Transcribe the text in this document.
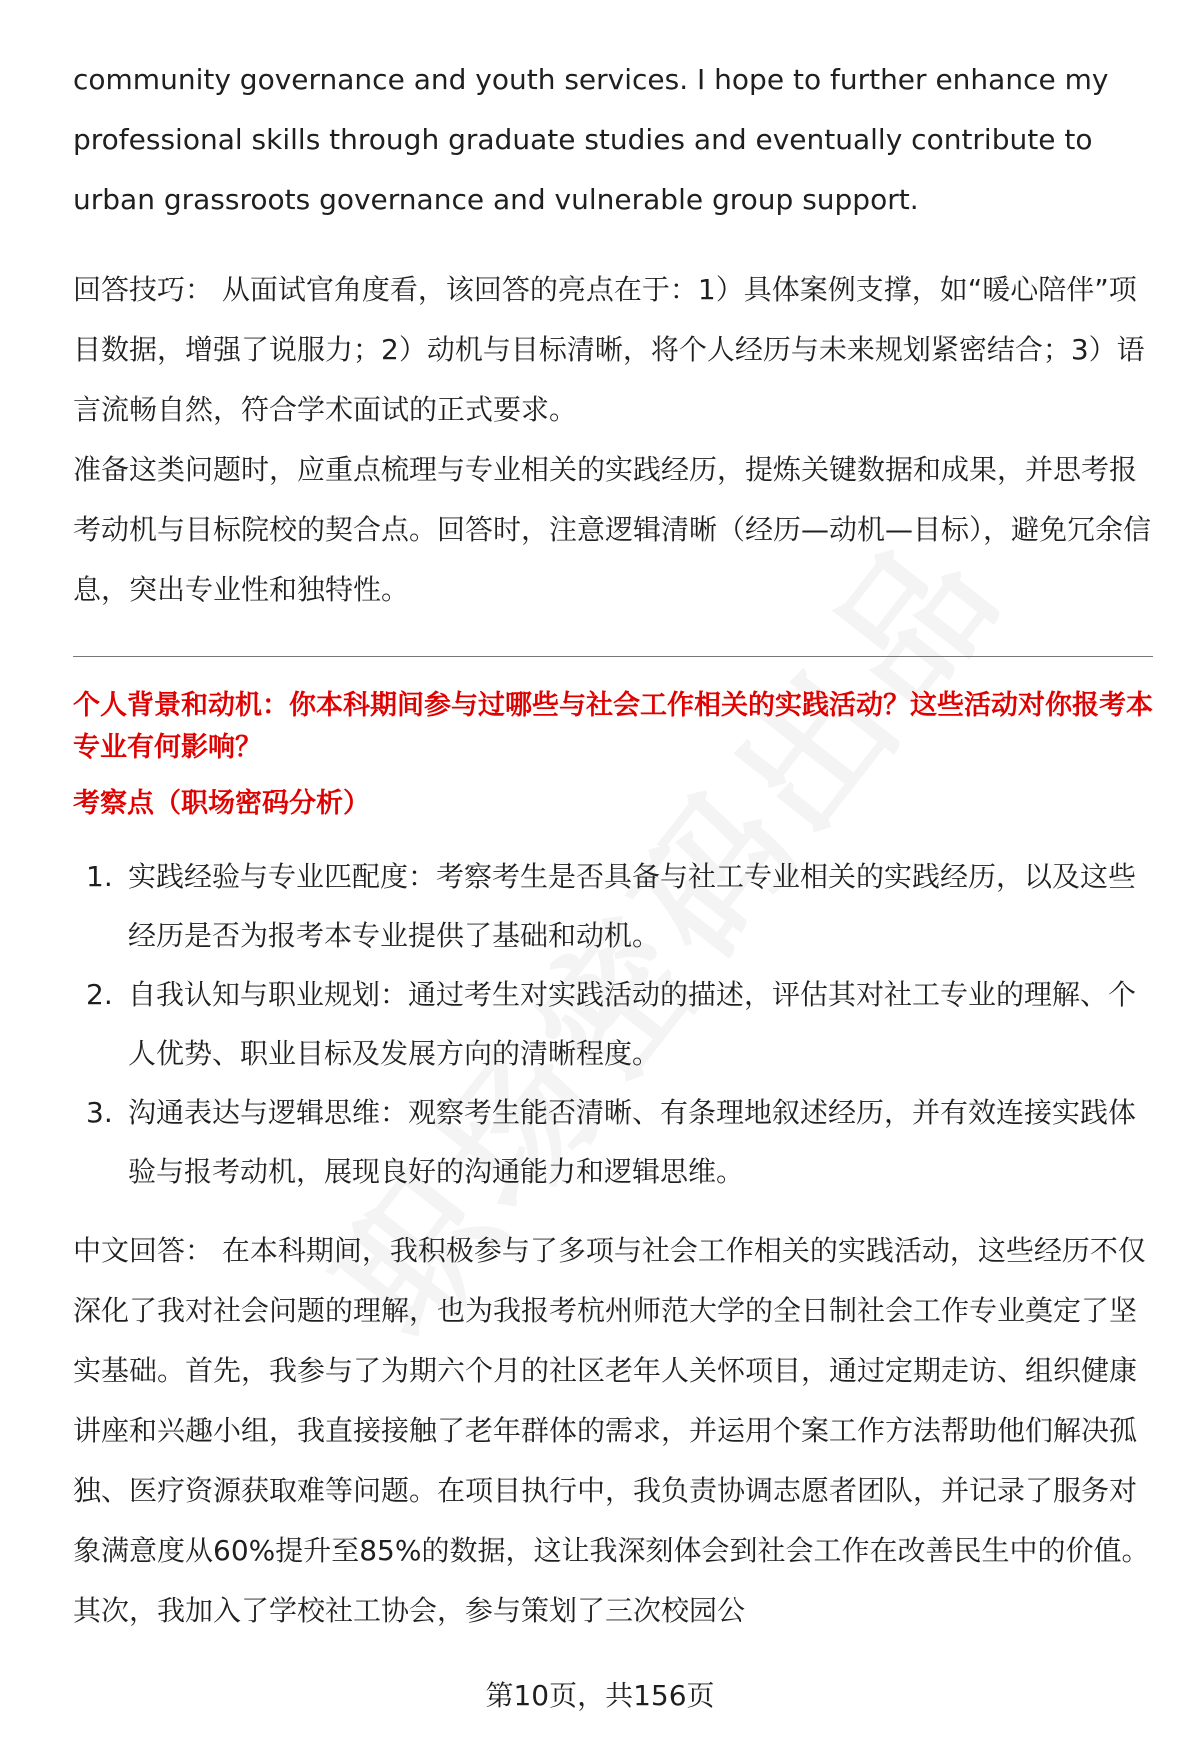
community governance and youth services. I hope to further enhance my professional skills through graduate studies and eventually contribute to urban grassroots governance and vulnerable group support.

回答技巧： 从面试官角度看，该回答的亮点在于：1）具体案例支撑，如“暖心陪伴”项目数据，增强了说服力；2）动机与目标清晰，将个人经历与未来规划紧密结合；3）语言流畅自然，符合学术面试的正式要求。

准备这类问题时，应重点梳理与专业相关的实践经历，提炼关键数据和成果，并思考报考动机与目标院校的契合点。回答时，注意逻辑清晰（经历—动机—目标），避免冗余信息，突出专业性和独特性。

个人背景和动机：你本科期间参与过哪些与社会工作相关的实践活动？这些活动对你报考本专业有何影响？
考察点（职场密码分析）
1. 实践经验与专业匹配度：考察考生是否具备与社工专业相关的实践经历，以及这些经历是否为报考本专业提供了基础和动机。
2. 自我认知与职业规划：通过考生对实践活动的描述，评估其对社工专业的理解、个人优势、职业目标及发展方向的清晰程度。
3. 沟通表达与逻辑思维：观察考生能否清晰、有条理地叙述经历，并有效连接实践体验与报考动机，展现良好的沟通能力和逻辑思维。

中文回答： 在本科期间，我积极参与了多项与社会工作相关的实践活动，这些经历不仅深化了我对社会问题的理解，也为我报考杭州师范大学的全日制社会工作专业奠定了坚实基础。首先，我参与了为期六个月的社区老年人关怀项目，通过定期走访、组织健康讲座和兴趣小组，我直接接触了老年群体的需求，并运用个案工作方法帮助他们解决孤独、医疗资源获取难等问题。在项目执行中，我负责协调志愿者团队，并记录了服务对象满意度从60%提升至85%的数据，这让我深刻体会到社会工作在改善民生中的价值。其次，我加入了学校社工协会，参与策划了三次校园公

第10页，共156页
